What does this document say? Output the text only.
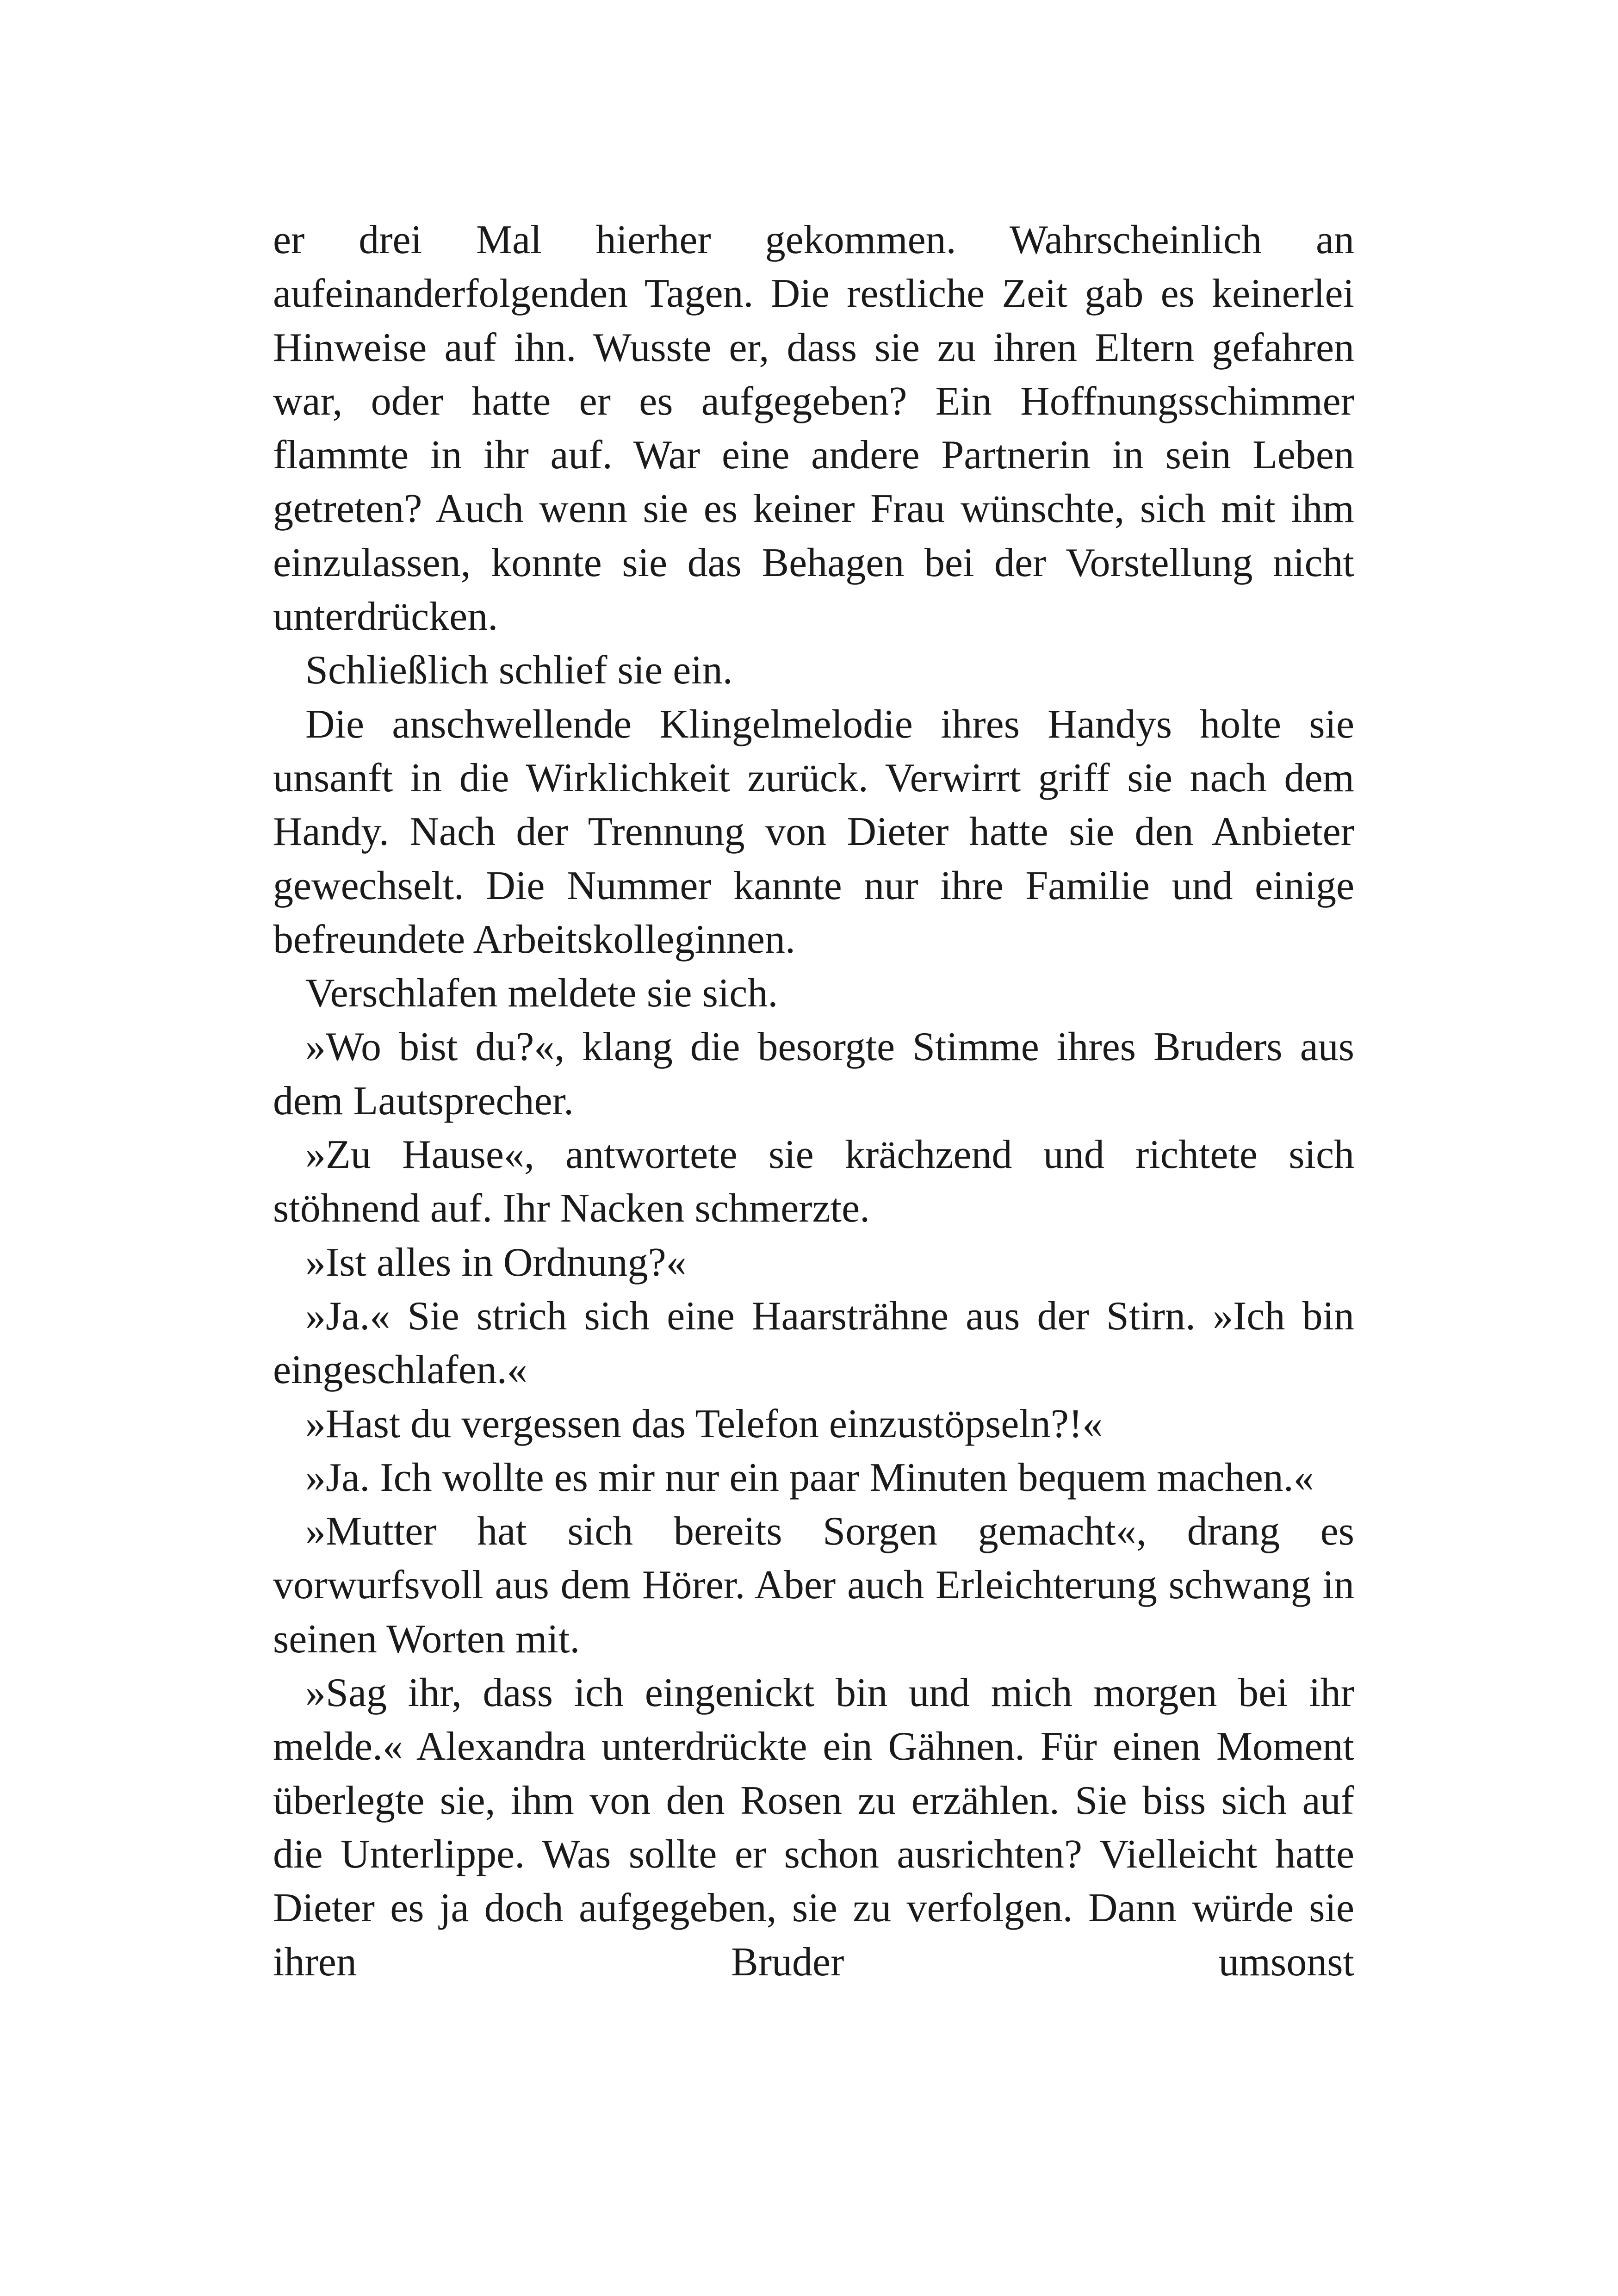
er drei Mal hierher gekommen. Wahrscheinlich an aufeinanderfolgenden Tagen. Die restliche Zeit gab es keinerlei Hinweise auf ihn. Wusste er, dass sie zu ihren Eltern gefahren war, oder hatte er es aufgegeben? Ein Hoffnungsschimmer flammte in ihr auf. War eine andere Partnerin in sein Leben getreten? Auch wenn sie es keiner Frau wünschte, sich mit ihm einzulassen, konnte sie das Behagen bei der Vorstellung nicht unterdrücken.

Schließlich schlief sie ein.

Die anschwellende Klingelmelodie ihres Handys holte sie unsanft in die Wirklichkeit zurück. Verwirrt griff sie nach dem Handy. Nach der Trennung von Dieter hatte sie den Anbieter gewechselt. Die Nummer kannte nur ihre Familie und einige befreundete Arbeitskolleginnen.

Verschlafen meldete sie sich.

»Wo bist du?«, klang die besorgte Stimme ihres Bruders aus dem Lautsprecher.

»Zu Hause«, antwortete sie krächzend und richtete sich stöhnend auf. Ihr Nacken schmerzte.

»Ist alles in Ordnung?«

»Ja.« Sie strich sich eine Haarsträhne aus der Stirn. »Ich bin eingeschlafen.«

»Hast du vergessen das Telefon einzustöpseln?!«

»Ja. Ich wollte es mir nur ein paar Minuten bequem machen.«

»Mutter hat sich bereits Sorgen gemacht«, drang es vorwurfsvoll aus dem Hörer. Aber auch Erleichterung schwang in seinen Worten mit.

»Sag ihr, dass ich eingenickt bin und mich morgen bei ihr melde.« Alexandra unterdrückte ein Gähnen. Für einen Moment überlegte sie, ihm von den Rosen zu erzählen. Sie biss sich auf die Unterlippe. Was sollte er schon ausrichten? Vielleicht hatte Dieter es ja doch aufgegeben, sie zu verfolgen. Dann würde sie ihren Bruder umsonst
